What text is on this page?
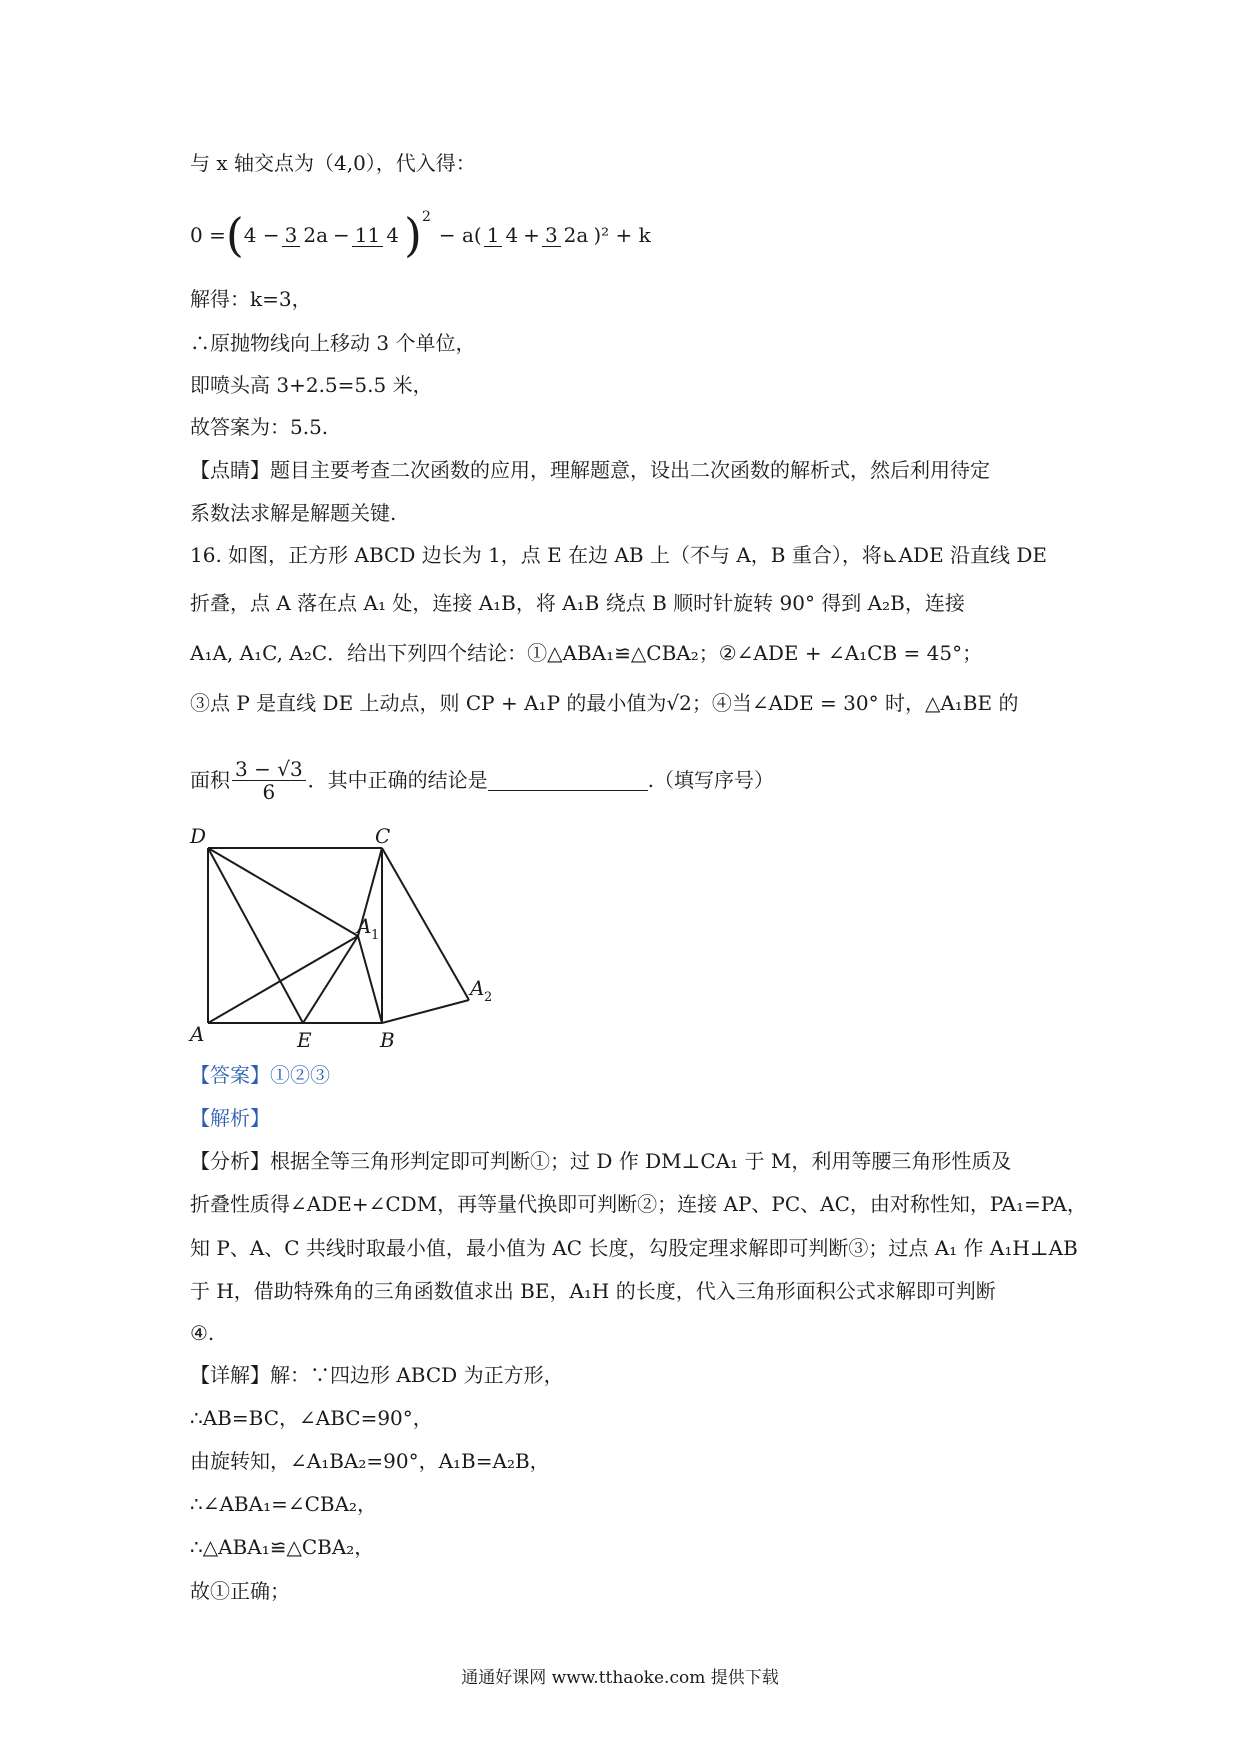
与 x 轴交点为（4,0），代入得：
0 = ( 4 − 3 2a − 11 4 )$^2$
− a( 1 4 + 3 2a )² + k
解得：k=3，
∴原抛物线向上移动 3 个单位，
即喷头高 3+2.5=5.5 米，
故答案为：5.5.
【点睛】题目主要考查二次函数的应用，理解题意，设出二次函数的解析式，然后利用待定
系数法求解是解题关键.
16. 如图，正方形 ABCD 边长为 1，点 E 在边 AB 上（不与 A，B 重合），将⊾ADE 沿直线 DE
折叠，点 A 落在点 A₁ 处，连接 A₁B，将 A₁B 绕点 B 顺时针旋转 90° 得到 A₂B，连接
A₁A, A₁C, A₂C．给出下列四个结论：①△ABA₁≌△CBA₂；②∠ADE + ∠A₁CB = 45°；
③点 P 是直线 DE 上动点，则 CP + A₁P 的最小值为√2；④当∠ADE = 30° 时，△A₁BE 的
面积 $\frac{3 - √3}{6}$ ．其中正确的结论是	.（填写序号）
D	C
A	E	B
A 1
A 2
【答案】①②③
【解析】
【分析】根据全等三角形判定即可判断①；过 D 作 DM⊥CA₁ 于 M，利用等腰三角形性质及
折叠性质得∠ADE+∠CDM，再等量代换即可判断②；连接 AP、PC、AC，由对称性知，PA₁=PA，
知 P、A、C 共线时取最小值，最小值为 AC 长度，勾股定理求解即可判断③；过点 A₁ 作 A₁H⊥AB
于 H，借助特殊角的三角函数值求出 BE，A₁H 的长度，代入三角形面积公式求解即可判断
④.
【详解】解：∵四边形 ABCD 为正方形，
∴AB=BC，∠ABC=90°，
由旋转知，∠A₁BA₂=90°，A₁B=A₂B，
∴∠ABA₁=∠CBA₂，
∴△ABA₁≌△CBA₂，
故①正确；
通通好课网 www.tthaoke.com 提供下载
